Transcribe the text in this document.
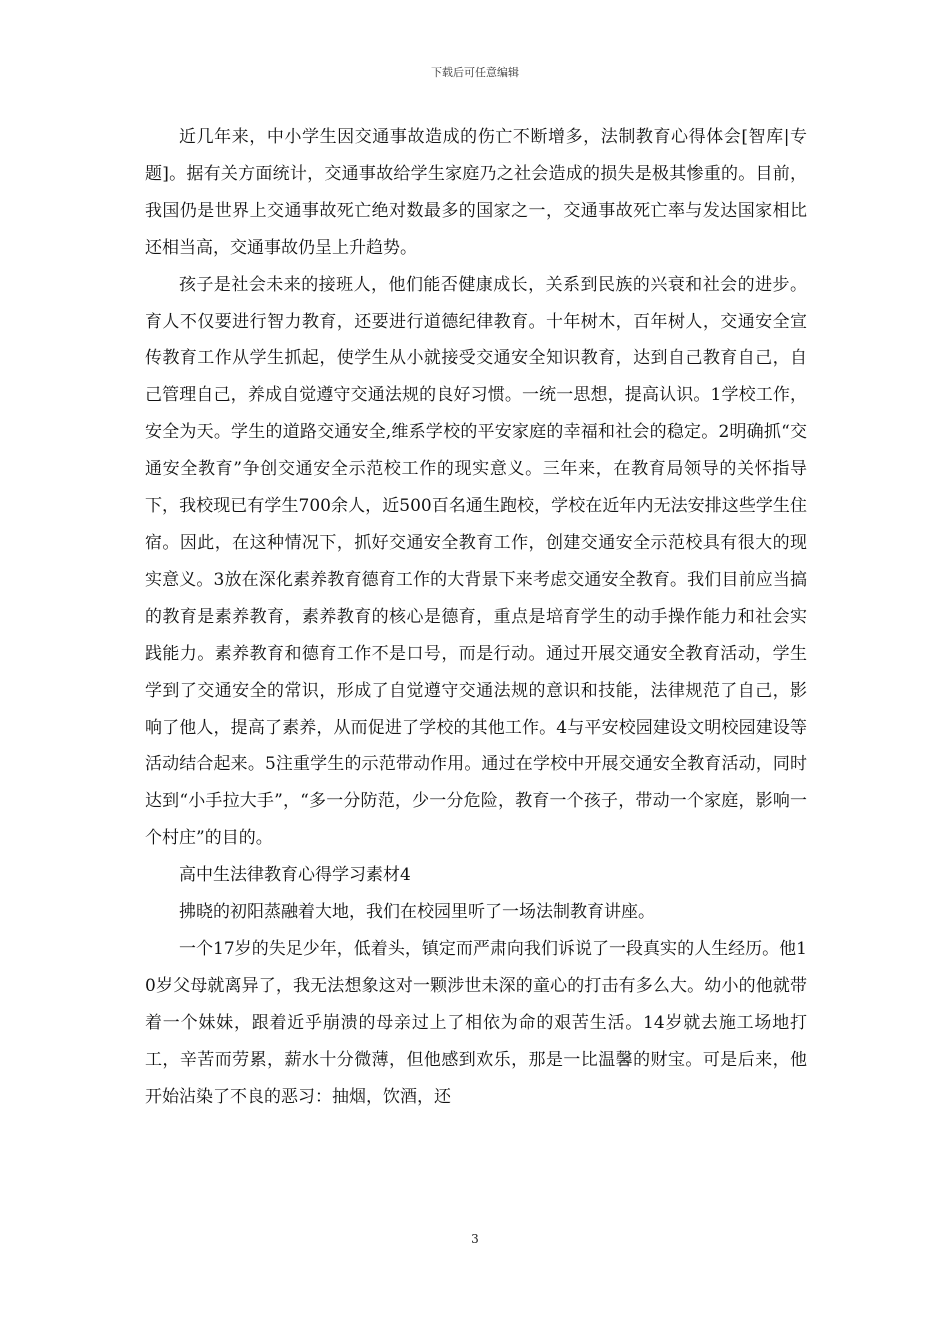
下载后可任意编辑

近几年来，中小学生因交通事故造成的伤亡不断增多，法制教育心得体会[智库|专题]。据有关方面统计，交通事故给学生家庭乃之社会造成的损失是极其惨重的。目前，我国仍是世界上交通事故死亡绝对数最多的国家之一，交通事故死亡率与发达国家相比还相当高，交通事故仍呈上升趋势。

孩子是社会未来的接班人，他们能否健康成长，关系到民族的兴衰和社会的进步。育人不仅要进行智力教育，还要进行道德纪律教育。十年树木，百年树人，交通安全宣传教育工作从学生抓起，使学生从小就接受交通安全知识教育，达到自己教育自己，自己管理自己，养成自觉遵守交通法规的良好习惯。一统一思想，提高认识。1学校工作，安全为天。学生的道路交通安全,维系学校的平安家庭的幸福和社会的稳定。2明确抓“交通安全教育”争创交通安全示范校工作的现实意义。三年来，在教育局领导的关怀指导下，我校现已有学生700余人，近500百名通生跑校，学校在近年内无法安排这些学生住宿。因此，在这种情况下，抓好交通安全教育工作，创建交通安全示范校具有很大的现实意义。3放在深化素养教育德育工作的大背景下来考虑交通安全教育。我们目前应当搞的教育是素养教育，素养教育的核心是德育，重点是培育学生的动手操作能力和社会实践能力。素养教育和德育工作不是口号，而是行动。通过开展交通安全教育活动，学生学到了交通安全的常识，形成了自觉遵守交通法规的意识和技能，法律规范了自己，影响了他人，提高了素养，从而促进了学校的其他工作。4与平安校园建设文明校园建设等活动结合起来。5注重学生的示范带动作用。通过在学校中开展交通安全教育活动，同时达到“小手拉大手”，“多一分防范，少一分危险，教育一个孩子，带动一个家庭，影响一个村庄”的目的。

高中生法律教育心得学习素材4

拂晓的初阳蒸融着大地，我们在校园里听了一场法制教育讲座。

一个17岁的失足少年，低着头，镇定而严肃向我们诉说了一段真实的人生经历。他10岁父母就离异了，我无法想象这对一颗涉世未深的童心的打击有多么大。幼小的他就带着一个妹妹，跟着近乎崩溃的母亲过上了相依为命的艰苦生活。14岁就去施工场地打工，辛苦而劳累，薪水十分微薄，但他感到欢乐，那是一比温馨的财宝。可是后来，他开始沾染了不良的恶习：抽烟，饮酒，还

3
